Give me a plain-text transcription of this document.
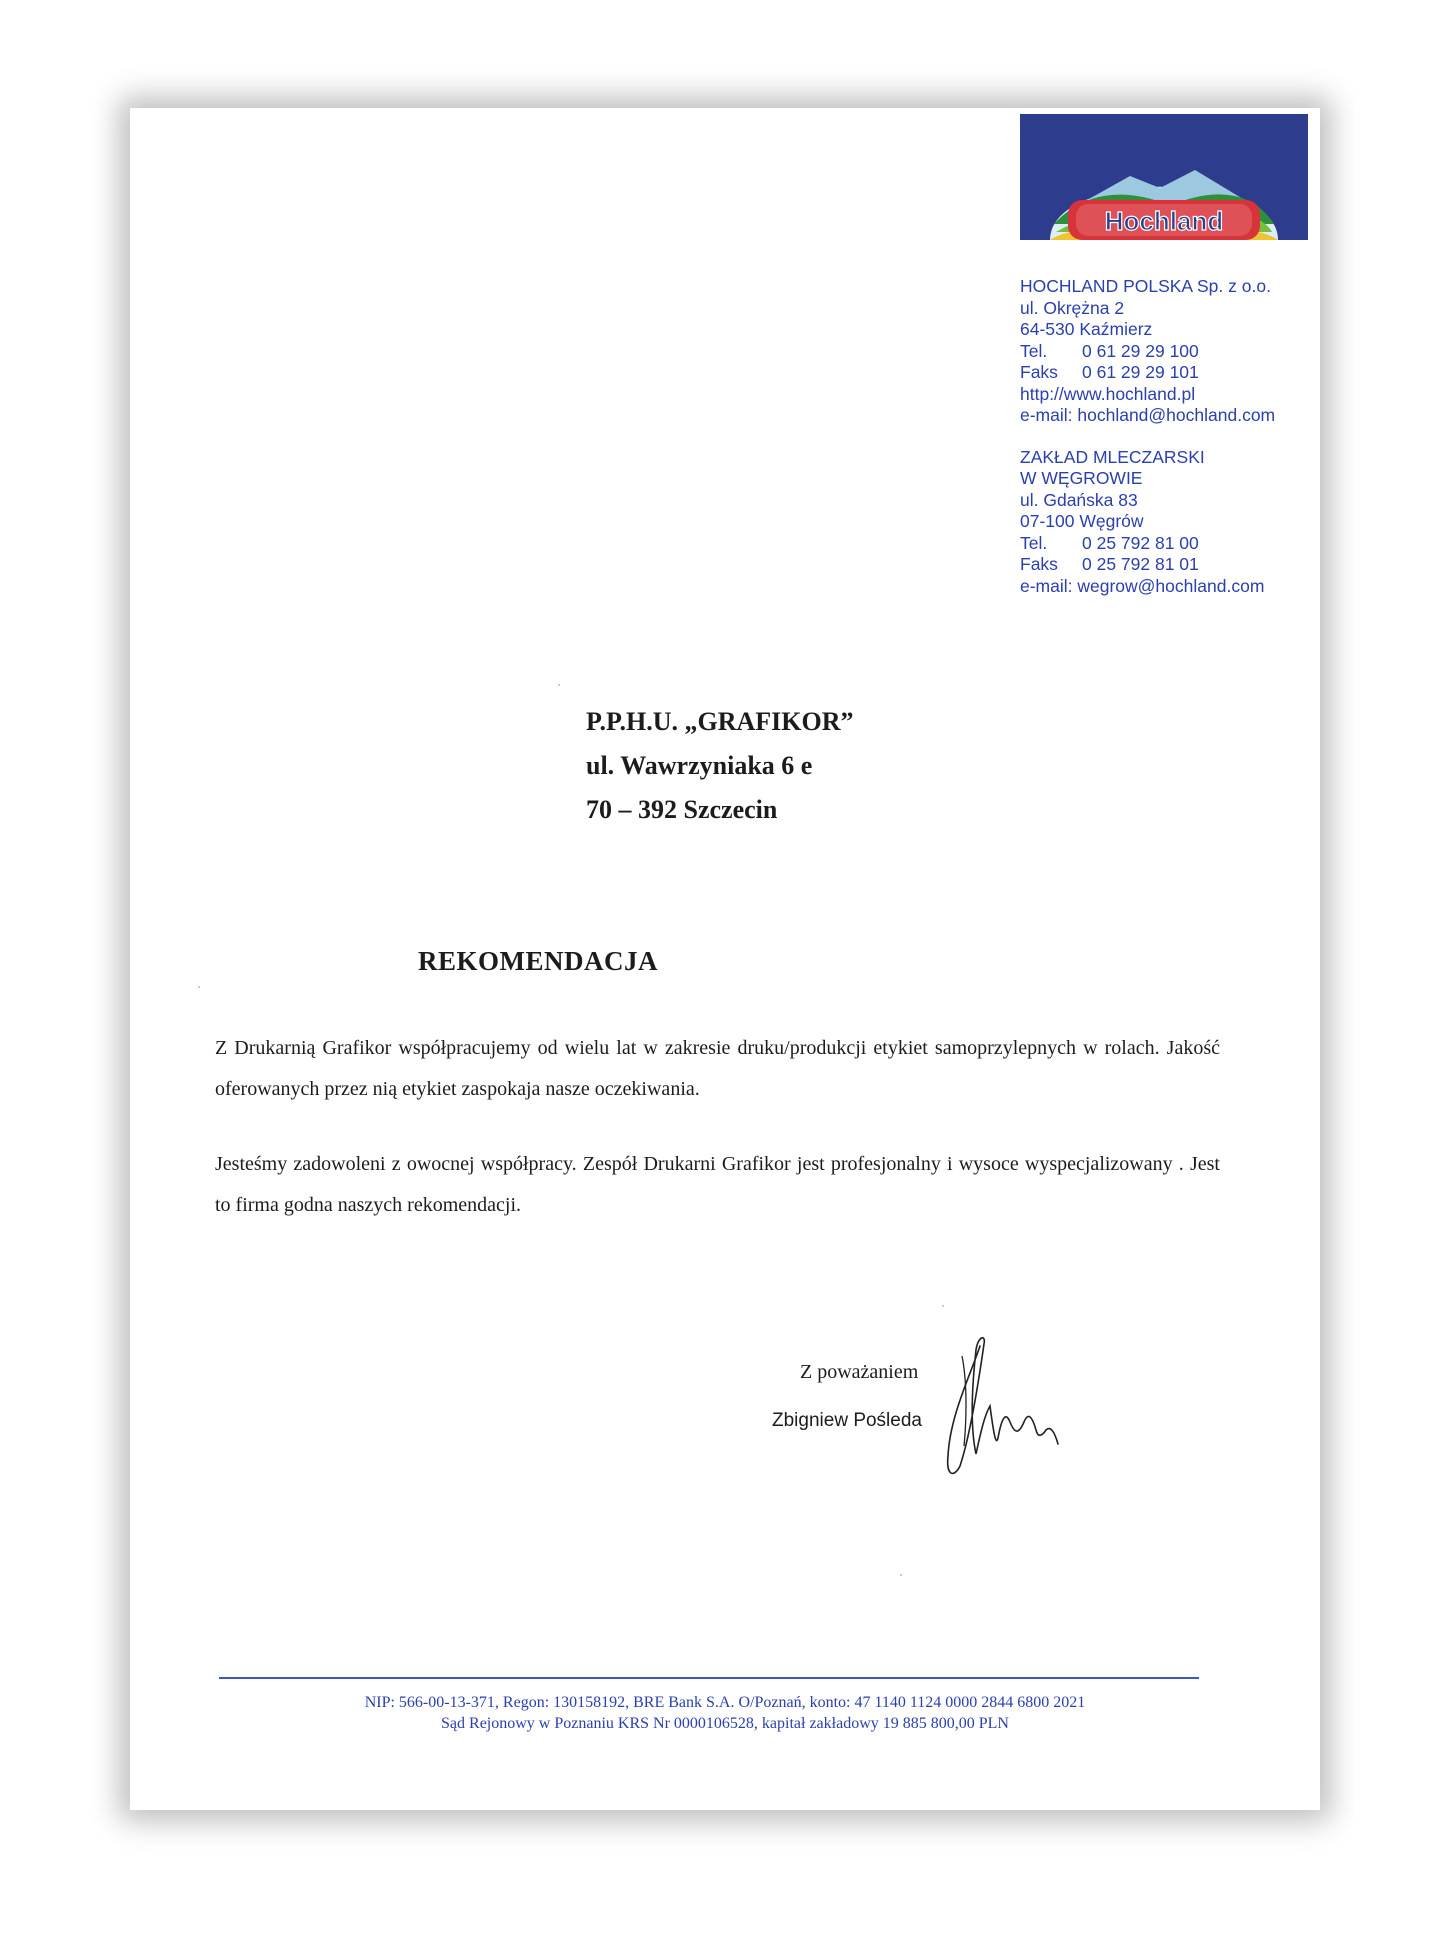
Hochland
HOCHLAND POLSKA Sp. z o.o.
ul. Okrężna 2
64-530 Kaźmierz
Tel. 0 61 29 29 100
Faks 0 61 29 29 101
http://www.hochland.pl
e-mail: hochland@hochland.com
ZAKŁAD MLECZARSKI
W WĘGROWIE
ul. Gdańska 83
07-100 Węgrów
Tel. 0 25 792 81 00
Faks 0 25 792 81 01
e-mail: wegrow@hochland.com
P.P.H.U. „GRAFIKOR”
ul. Wawrzyniaka 6 e
70 – 392 Szczecin
REKOMENDACJA
Z Drukarnią Grafikor współpracujemy od wielu lat w zakresie druku/produkcji etykiet samoprzylepnych w rolach. Jakość oferowanych przez nią etykiet zaspokaja nasze oczekiwania.
Jesteśmy zadowoleni z owocnej współpracy. Zespół Drukarni Grafikor jest profesjonalny i wysoce wyspecjalizowany . Jest to firma godna naszych rekomendacji.
Z poważaniem
Zbigniew Pośleda
NIP: 566-00-13-371, Regon: 130158192, BRE Bank S.A. O/Poznań, konto: 47 1140 1124 0000 2844 6800 2021
Sąd Rejonowy w Poznaniu KRS Nr 0000106528, kapitał zakładowy 19 885 800,00 PLN
